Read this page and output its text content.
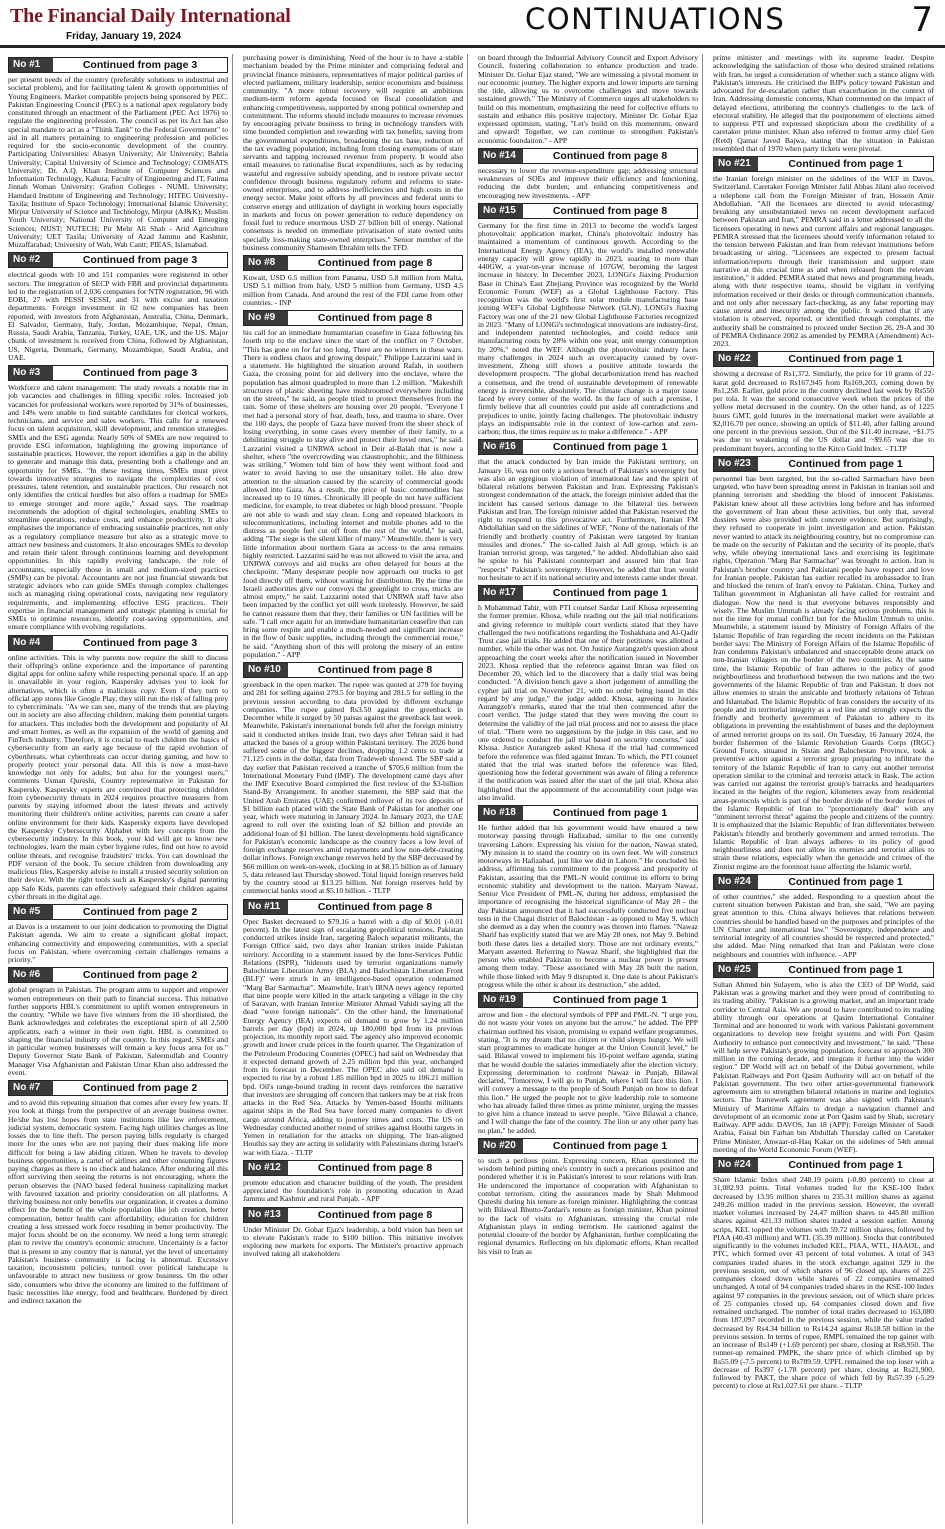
The Financial Daily International
Friday, January 19, 2024
CONTINUATIONS	7
No #1	Continued from page 3
per present needs of the country (preferably solutions to industrial and societal problem), and for facilitating talent & growth opportunities of Young Engineers. Market compatible projects being sponsored by PEC. Pakistan Engineering Council (PEC) is a national apex regulatory body constituted through an enactment of the Parliament (PEC Act 1976) to regulate the engineering profession. The council as per its Act has also special mandate to act as a "Think Tank" to the Federal Government" to aid in all matters pertaining to engineering profession and policies required for the socio-economic development of the country. Participating Universities: Abasyn University; Air University; Bahria University; Capital University of Science and Technology; COMSATS University; Dr. A.Q. Khan Institute of Computer Sciences and Information Technology, Kahuta; Faculty of Engineering and IT, Fatima Jinnah Woman University; Grafton Colleges - NUML University; Hamdard Institute of Engineering and Technology; HITEC University-Taxila; Institute of Space Technology; International Islamic University; Mirpur University of Science and Technology, Mirpur (AJ&K); Muslim Youth University; National University of Computer and Emerging Sciences; NUST; NUTECH; Pir Mehr Ali Shah - Arid Agriculture University; UET Taxila; University of Azad Jammu and Kashmir, Muzaffarabad; University of Wah, Wah Cantt; PIEAS, Islamabad.
No #2	Continued from page 3
electrical goods with 10 and 151 companies were registered in other sectors. The integration of SECP with FBR and provincial departments led to the registration of 2,036 companies for NTN registration, 96 with EOBI, 27 with PESSI SESSI, and 31 with excise and taxation departments. Foreign investment in 62 new companies has been reported, with investors from Afghanistan, Australia, China, Denmark, El Salvador, Germany, Italy, Jordan, Mozambique, Nepal, Oman, Russia, Saudi Arabia, Tanzania, Turkey, UAE, UK, and the US. Major chunk of investment is received from China, followed by Afghanistan, US, Nigeria, Denmark, Germany, Mozambique, Saudi Arabia, and UAE.
No #3	Continued from page 3
Workforce and talent management: The study reveals a notable rise in job vacancies and challenges in filling specific roles. Increased job vacancies for professional workers were reported by 31% of businesses, and 14% were unable to find suitable candidates for clerical workers, technicians, and service and sales workers. This calls for a renewed focus on talent acquisition, skill development, and retention strategies. SMEs and the ESG agenda: Nearly 50% of SMEs are now required to provide ESG information, highlighting the growing importance of sustainable practices. However, the report identifies a gap in the ability to generate and manage this data, presenting both a challenge and an opportunity for SMEs. "In these testing times, SMEs must pivot towards innovative strategies to navigate the complexities of cost pressures, talent retention, and sustainable practices. Our research not only identifies the critical hurdles but also offers a roadmap for SMEs to emerge stronger and more agile," Assad says. The roadmap recommends the adoption of digital technologies, enabling SMEs to streamline operations, reduce costs, and enhance productivity. It also emphasises the importance of embracing sustainable practices, not only as a regulatory compliance measure but also as a strategic move to attract new business and customers. It also encourages SMEs to develop and retain their talent through continuous learning and development opportunities. In this rapidly evolving landscape, the role of accountants, especially those in small and medium-sized practices (SMPs) can be pivotal. Accountants are not just financial stewards but strategic advisors who can guide SMEs through complex challenges such as managing rising operational costs, navigating new regulatory requirements, and implementing effective ESG practices. Their expertise in financial management and strategic planning is crucial for SMEs to optimise resources, identify cost-saving opportunities, and ensure compliance with evolving regulations.
No #4	Continued from page 3
online activities. This is why parents now require the skill to discuss their offspring's online experience and the importance of parenting digital apps for online safety while respecting personal space. If an app is unavailable in your region, Kaspersky advises you to look for alternatives, which is often a malicious copy. Even if they turn to official app stores like Google Play, they still run the risk of falling prey to cybercriminals. "As we can see, many of the trends that are playing out in society are also affecting children, making them potential targets for attackers. This includes both the development and popularity of AI and smart homes, as well as the expansion of the world of gaming and FinTech industry. Therefore, it is crucial to teach children the basics of cybersecurity from an early age because of the rapid evolution of cyberthreats, what cyberthreats can occur during gaming, and how to properly protect your personal data. All this is now a must-have knowledge not only for adults, but also for the youngest users," comments Usman Qureshi, Country representative in Pakistan for Kaspersky. Kaspersky experts are convinced that protecting children from cybersecurity threats in 2024 requires proactive measures from parents by staying informed about the latest threats and actively monitoring their children's online activities, parents can create a safer online environment for their kids. Kaspersky experts have developed the Kaspersky Cybersecurity Alphabet with key concepts from the cybersecurity industry. In this book, your kid will get to know new technologies, learn the main cyber hygiene rules, find out how to avoid online threats, and recognise fraudsters' tricks. You can download the PDF version of the book. To secure children from downloading any malicious files, Kaspersky advise to install a trusted security solution on their device. With the right tools such as Kaspersky's digital parenting app Safe Kids, parents can effectively safeguard their children against cyber threats in the digital age.
No #5	Continued from page 2
at Davos is a testament to our joint dedication to promoting the Digital Pakistan agenda. We aim to create a significant global impact, enhancing connectivity and empowering communities, with a special focus on Pakistan, where overcoming certain challenges remains a priority."
No #6	Continued from page 2
global program in Pakistan. The program aims to support and empower women entrepreneurs on their path to financial success. This initiative further supports HBL's commitment to uplift women entrepreneurs in the country. "While we have five winners from the 10 shortlisted, the Bank acknowledges and celebrates the exceptional spirit of all 2,500 applicants, each a winner in their own right. HBL is committed to shaping the financial industry of the country. In this regard, SMEs and in particular women businesses will remain a key focus area for us." Deputy Governor State Bank of Pakistan, Saleemullah and Country Manager Visa Afghanistan and Pakistan Umar Khan also addressed the event.
No #7	Continued from page 2
and to avoid this repeating situation that comes after every few years. If you look at things from the perspective of an average business owner. He/she has lost hopes from state institutions like law enforcement, judicial system, democratic system. Facing high utilities charges as line losses due to line theft. The person paying bills regularly is charged more for the ones who are not paying their dues making life more difficult for being a law abiding citizen. When he travels to develop business opportunities, a cartel of airlines and other consuming figures paying charges as there is no check and balance. After enduring all this effort surviving then seeing the returns is not encouraging, where the person observes the (NAO based federal business capitalizing market with favoured taxation and priority consideration on all platforms. A thriving business not only benefits our organization, it creates a domino effect for the benefit of the whole population like job creation, better compensation, better health care affordability, education for children creating a less stressed work force resulting in better productivity. The major focus should be on the economy. We need a long term strategic plan to revive the country's economic structure. Uncertainty is a factor that is present in any country that is natural, yet the level of uncertainty Pakistan's business community is facing is abnormal. Excessive taxation, inconsistent policies, turmoil over political landscape is unfavourable to attract new business or grow business. On the other side, consumers who drive the economy are limited to the fulfilment of basic necessities like energy, food and healthcare. Burdened by direct and indirect taxation the
purchasing power is diminishing. Need of the hour is to have a stable mechanism headed by the Prime minister and comprising federal and provincial finance ministers, representatives of major political parties of elected parliament, military leadership, senior economists and business community. "A more robust recovery will require an ambitious medium-term reform agenda focused on fiscal consolidation and enhancing competitiveness, supported by strong political ownership and commitment. The reforms should include measures to increase revenues by encouraging private business to bring in technology transfers with time bounded completion and rewarding with tax benefits, saving from the governmental expenditures, broadening the tax base, reduction of the tax evading population, including from closing exemptions of state servants and tapping increased revenue from property. It would also entail measures to rationalise fiscal expenditures, such as by reducing wasteful and regressive subsidy spending, and to restore private sector confidence through business regulatory reform and reforms to state-owned enterprises, and to address inefficiencies and high costs in the energy sector. Make joint efforts by all provinces and federal units to conserve energy and utilization of daylight in working hours especially in markets and focus on power generation to reduce dependency on fossil fuel to reduce enormous USD 27 billion bill of energy. National consensus is needed on immediate privatisation of state owned units specially loss-making state-owned enterprises." Senior member of the business community Shameem Ebrahim tells the TFD.
No #8	Continued from page 8
Kuwait, USD 6.5 million from Panama, USD 5.8 million from Malta, USD 5.1 million from Italy, USD 5 million from Germany, USD 4.5 million from Canada. And around the rest of the FDI came from other countries. - INP
No #9	Continued from page 8
his call for an immediate humanitarian ceasefire in Gaza following his fourth trip to the enclave since the start of the conflict on 7 October. "This has gone on for far too long. There are no winners in these wars. There is endless chaos and growing despair," Philippe Lazzarini said in a statement. He highlighted the situation around Rafah, in southern Gaza, the crossing point for aid delivery into the enclave, where the population has almost quadrupled to more than 1.2 million. "Makeshift structures of plastic sheeting have mushroomed everywhere including on the streets," he said, as people tried to protect themselves from the rain. Some of these shelters are housing over 20 people. "Everyone I met had a personal story of fear, death, loss, and trauma to share. Over the 100 days, the people of Gaza have moved from the sheer shock of losing everything, in some cases every member of their family, to a debilitating struggle to stay alive and protect their loved ones," he said. Lazzarini visited a UNRWA school in Deir al-Balah that is now a shelter, where "the overcrowding was claustrophobic, and the filthiness was striking." Women told him of how they went without food and water to avoid having to use the unsanitary toilet. He also drew attention to the situation caused by the scarcity of commercial goods allowed into Gaza. As a result, the price of basic commodities has increased up to 10 times. Chronically ill people do not have sufficient medicine, for example, to treat diabetes or high blood pressure. "People are not able to wash and stay clean. Long and repeated blackouts in telecommunications, including internet and mobile phones add to the distress as people feel cut off from the rest of the world," he said, adding "The siege is the silent killer of many." Meanwhile, there is very little information about northern Gaza as access to the area remains highly restricted. Lazzarini said he was not allowed to visit the area, and UNRWA convoys and aid trucks are often delayed for hours at the checkpoint. "Many desperate people now approach our trucks to get food directly off them, without waiting for distribution. By the time the Israeli authorities give our convoys the greenlight to cross, trucks are almost empty," he said. Lazzarini noted that UNRWA staff have also been impacted by the conflict yet still work tirelessly. However, he said he cannot reassure them that they, their families or UN facilities will be safe. "I call once again for an immediate humanitarian ceasefire that can bring some respite and enable a much-needed and significant increase in the flow of basic supplies, including through the commercial route," he said. "Anything short of this will prolong the misery of an entire population." - APP
No #10	Continued from page 8
greenback in the open market. The rupee was quoted at 279 for buying and 281 for selling against 279.5 for buying and 281.5 for selling in the previous session according to data provided by different exchange companies. The rupee gained Rs3.50 against the greenback in December while it surged by 50 paisas against the greenback last week. Meanwhile, Pakistan's international bonds fell after the foreign ministry said it conducted strikes inside Iran, two days after Tehran said it had attacked the bases of a group within Pakistani territory. The 2026 bond suffered some of the biggest declines, dropping 1.2 cents to trade at 71.125 cents in the dollar, data from Tradeweb showed. The SBP said a day earlier that Pakistan received a tranche of $705.6 million from the International Monetary Fund (IMF). The development came days after the IMF Executive Board completed the first review of the $3-billion Stand-By Arrangement. In another statement, the SBP said that the United Arab Emirates (UAE) confirmed rollover of its two deposits of $1 billion each placed with the State Bank of Pakistan for another one year, which were maturing in January 2024. In January 2023, the UAE agreed to roll over the existing loan of $2 billion and provide an additional loan of $1 billion. The latest developments hold significance for Pakistan's economic landscape as the country faces a low level of foreign exchange reserves amid repayments and low non-debt-creating dollar inflows. Foreign exchange reserves held by the SBP decreased by $66 million on week-on-week, clocking in at $8.15 billion as of January 5, data released last Thursday showed. Total liquid foreign reserves held by the country stood at $13.25 billion. Net foreign reserves held by commercial banks stood at $5.10 billion. - TLTP
No #11	Continued from page 8
Opec Basket decreased to $79.16 a barrel with a dip of $0.01 (-0.01 percent). In the latest sign of escalating geopolitical tensions, Pakistan conducted strikes inside Iran, targeting Baloch separatist militants, the Foreign Office said, two days after Iranian strikes inside Pakistan territory. According to a statement issued by the Inter-Services Public Relations (ISPR), "hideouts used by terrorist organizations namely Balochistan Liberation Army (BLA) and Balochistan Liberation Front (BLF)" were struck in an intelligence-based operation codenamed "Marg Bar Sarmachar". Meanwhile, Iran's IRNA news agency reported that nine people were killed in the attack targeting a village in the city of Saravan, with Iranian Interior Minister Ahmad Vahidi saying all the dead "were foreign nationals". On the other hand, the International Energy Agency (IEA) expects oil demand to grow by 1.24 million barrels per day (bpd) in 2024, up 180,000 bpd from its previous projection, its monthly report said. The agency also improved economic growth and lower crude prices in the fourth quarter. The Organization of the Petroleum Producing Countries (OPEC) had said on Wednesday that it expected demand growth of 2.25 million bpd this year, unchanged from its forecast in December. The OPEC also said oil demand is expected to rise by a robust 1.85 million bpd in 2025 to 106.21 million bpd. Oil's range-bound trading in recent days reinforces the narrative that investors are shrugging off concern that tankers may be at risk from attacks in the Red Sea. Attacks by Yemen-based Houthi militants against ships in the Red Sea have forced many companies to divert cargo around Africa, adding to journey times and costs. The US on Wednesday conducted another round of strikes against Houthi targets in Yemen in retaliation for the attacks on shipping. The Iran-aligned Houthis say they are acting in solidarity with Palestinians during Israel's war with Gaza. - TLTP
No #12	Continued from page 8
promote education and character building of the youth. The president appreciated the foundation's role in promoting education in Azad Jammu and Kashmir and rural Punjab. - APP
No #13	Continued from page 8
Under Minister Dr. Gohar Ejaz's leadership, a bold vision has been set to elevate Pakistan's trade to $100 billion. This initiative involves exploring new markets for exports. The Minister's proactive approach involved taking all stakeholders
on board through the Industrial Advisory Council and Export Advisory Council, fostering collaboration to enhance production and trade. Minister Dr. Gohar Ejaz stated, "We are witnessing a pivotal moment in our economic journey. The higher exports and lower imports are turning the tide, allowing us to overcome challenges and move towards sustained growth." The Ministry of Commerce urges all stakeholders to build on this momentum, emphasizing the need for collective efforts to sustain and enhance this positive trajectory. Minister Dr. Gohar Ejaz expressed optimism, stating, "Let's build on this momentum, onward and upward! Together, we can continue to strengthen Pakistan's economic foundation." - APP
No #14	Continued from page 8
necessary to lower the revenue-expenditure gap; addressing structural weaknesses of SOEs and improve their efficiency and functioning, reducing the debt burden; and enhancing competitiveness and encouraging new investments. - APP
No #15	Continued from page 8
Germany for the first time in 2013 to become the world's largest photovoltaic application market, China's photovoltaic industry has maintained a momentum of continuous growth. According to the International Energy Agency (IEA), the world's installed renewable energy capacity will grow rapidly in 2023, soaring to more than 440GW, a year-on-year increase of 107GW, becoming the largest increase in history. In December 2023, LONGi's Jiaxing Production Base in China's East Zhejiang Province was recognized by the World Economic Forum (WEF) as a Global Lighthouse Factory. This recognition was the world's first solar module manufacturing base joining WEF's Global Lighthouse Network (GLN). LONGi's Jiaxing Factory was one of the 21 new Global Lighthouse Factories recognized in 2023. "Many of LONGi's technological innovations are industry-first, and independent patented technologies, and could reduce unit manufacturing costs by 28% within one year, unit energy consumption by 20%," noted the WEF. Although the photovoltaic industry faces many challenges in 2024 such as overcapacity caused by over-investment, Zhong still shows a positive attitude towards the development prospects. "The global decarbonization trend has reached a consensus, and the trend of sustainable development of renewable energy is irreversible, absolutely. The climate change is a major issue faced by every corner of the world. In the face of such a premise, I firmly believe that all countries could put aside all contradictions and prejudices to unite, jointly facing challenges. The photovoltaic industry plays an indispensable role in the context of low-carbon and zero-carbon; thus, the times require us to make a difference." - APP
No #16	Continued from page 1
that the attack conducted by Iran inside the Pakistani territory, on January 16, was not only a serious breach of Pakistan's sovereignty but was also an egregious violation of international law and the spirit of bilateral relations between Pakistan and Iran. Expressing Pakistan's strongest condemnation of the attack, the foreign minister added that the incident has caused serious damage to the bilateral ties between Pakistan and Iran. The foreign minister added that Pakistan reserved the right to respond to this provocative act. Furthermore, Iranian FM Abdollahian said on the sidelines of WEF, "None of the nationals of the friendly and brotherly country of Pakistan were targeted by Iranian missiles and drones." The so-called Jaish al Adl group, which is an Iranian terrorist group, was targeted," he added. Abdollahian also said he spoke to his Pakistani counterpart and assured him that Iran "respects" Pakistan's sovereignty. However, he added that Iran would not hesitate to act if its national security and interests came under threat.
No #17	Continued from page 1
h Muhammad Tahir, with PTI counsel Sardar Latif Khosa representing the former premier. Khosa, while reading out the jail trial notifications and giving reference to multiple court verdicts stated that they have challenged the two notifications regarding the Toshakhana and Al-Qadir Trust case jail trials. He added that one of their petitions was allotted a number, while the other was not. On Justice Aurangzeb's question about approaching the court weeks after the notification issued in November 2023, Khosa replied that the reference against Imran was filed on December 20, which led to the discovery that a daily trial was being conducted. "A division bench gave a short judgement of annulling the cypher jail trial on November 21, with no order being issued in this regard by any judge," the judge added. Khosa, agreeing to Justice Aurangzeb's remarks, stated that the trial then commenced after the court verdict. The judge stated that they were moving the court to determine the validity of the jail trial process and not to assess the place of trial. "There were no suggestions by the judge in this case, and no one ordered to conduct the jail trial based on security concerns," said Khosa. Justice Aurangzeb asked Khosa if the trial had commenced before the reference was filed against Imran. To which, the PTI counsel stated that the trial was started before the reference was filed, questioning how the federal government was aware of filing a reference if the notification was issued after the start of the jail trial. Khosa also highlighted that the appointment of the accountability court judge was also invalid.
No #18	Continued from page 1
He further added that his government would have ensured a new motorway passing through Hafizabad, similar to the one currently traversing Lahore. Expressing his vision for the nation, Nawaz stated, "My mission is to stand the country on its own feet. We will construct motorways in Hafizabad, just like we did in Lahore." He concluded his address, affirming his commitment to the progress and prosperity of Pakistan, assuring that the PML-N would continue its efforts to bring economic stability and development to the nation. Maryam Nawaz, Senior Vice President of PML-N, during her address, emphasised the importance of recognising the historical significance of May 28 - the day Pakistan announced that it had successfully conducted five nuclear tests in the Chagai district of Balochistan - as opposed to May 9, which she deemed as a day when the country was thrown into flames. "Nawaz Sharif has explicitly stated that we are May 28 ones, not May 9. Behind both these dates lies a detailed story. Those are not ordinary events," Maryam asserted. Referring to Nawaz Sharif, she highlighted that the person who enabled Pakistan to become a nuclear power is present among them today. "Those associated with May 28 built the nation, while those linked with May 9 disrupted it. One date is about Pakistan's progress while the other is about its destruction," she added.
No #19	Continued from page 1
arrow and lion - the electoral symbols of PPP and PML-N. "I urge you, do not waste your votes on anyone but the arrow," he added. The PPP chairman outlined his vision, promising to expand welfare programmes, stating, "It is my dream that no citizen or child sleeps hungry. We will start programmes to eradicate hunger at the Union Council level," he said. Bilawal vowed to implement his 10-point welfare agenda, stating that he would double the salaries immediately after the election victory. Expressing determination to confront Nawaz in Punjab, Bilawal declared, "Tomorrow, I will go to Punjab, where I will face this lion. I will convey a message to the people of South Punjab on how to defeat this lion." He urged the people not to give leadership role to someone who has already failed three times as prime minister, urging the masses to give him a chance instead to serve people. "Give Bilawal a chance, and I will change the fate of the country. The lion or any other party has no plan," he added.
No #20	Continued from page 1
to such a perilous point. Expressing concern, Khan questioned the wisdom behind putting one's country in such a precarious position and pondered whether it is in Pakistan's interest to sour relations with Iran. He underscored the importance of cooperation with Afghanistan to combat terrorism, citing the assurances made by Shah Mehmood Qureshi during his tenure as foreign minister. Highlighting the contrast with Bilawal Bhutto-Zardari's tenure as foreign minister, Khan pointed to the lack of visits to Afghanistan, stressing the crucial role Afghanistan plays in ending terrorism. He cautioned against the potential closure of the border by Afghanistan, further complicating the regional dynamics. Reflecting on his diplomatic efforts, Khan recalled his visit to Iran as
prime minister and meetings with its supreme leader. Despite acknowledging the satisfaction of those who desired strained relations with Iran, he urged a consideration of whether such a stance aligns with Pakistan's interests. He criticised the BJP's policy toward Pakistan and advocated for de-escalation rather than exacerbation in the context of Iran. Addressing domestic concerns, Khan commented on the impact of delayed elections, attributing the country's challenges to the lack of electoral stability. He alleged that the postponement of elections aimed to suppress PTI and expressed skepticism about the credibility of a caretaker prime minister. Khan also referred to former army chief Gen (Retd) Qamar Javed Bajwa, stating that the situation in Pakistan resembled that of 1970 when party tickets were pivotal.
No #21	Continued from page 1
the Iranian foreign minister on the sidelines of the WEF in Davos, Switzerland. Caretaker Foreign Minister Jalil Abbas Jilani also received a telephone call from the Foreign Minister of Iran, Hossein Amir Abdollahian. "All the licensees are directed to avoid telecasting/ breaking any unsubstantiated news on recent development surfaced between Pakistan and Iran," PEMRA said in a letter addressed to all the licensees operating in news and current affairs and regional languages. PEMRA stressed that the licensees should verify information related to the tension between Pakistan and Iran from relevant institutions before broadcasting or airing. "Licensees are expected to present factual information/reports through their transmission and support state narrative at this crucial time as and when released from the relevant institution," it added. PEMRA stated that news and programming heads, along with their respective teams, should be vigilant in verifying information received or their desks or through communication channels, and not only after necessary fact-checking, as any false reporting may cause unrest and insecurity among the public. It warned that if any violation is observed, reported, or identified through complaints, the authority shall be constrained to proceed under Section 26, 29-A and 30 of PEMRA Ordinance 2002 as amended by PEMRA (Amendment) Act-2023.
No #22	Continued from page 1
showing a decrease of Rs1,372. Similarly, the price for 10 grams of 22-karat gold decreased to Rs167,945 from Rs169,203, coming down by Rs1,258. Earlier, gold price in the country declined last week by Rs550 per tola. It was the second consecutive week when the prices of the yellow metal decreased in the country. On the other hand, as of 1225 hours GMT, gold futures in the international market were available at $2,016.70 per ounce, showing an uptick of $11.40, after falling around one percent in the previous session. Out of the $11.40 increase, ~$1.75 was due to weakening of the US dollar and ~$9.65 was due to predominant buyers, according to the Kitco Gold Index. - TLTP
No #23	Continued from page 1
personnel has been targeted, but the so-called Sarmachars have been targeted, who have been spreading unrest in Pakistan in Iranian soil and planning terrorism and shedding the blood of innocent Pakistanis. Pakistan knew about all these activities long before and has informed the government of Iran about these activities, but only that, several dossiers were also provided with concrete evidence. But surprisingly, they refused to cooperate in joint investigation and action. Pakistan never wanted to attack its neighbouring country, but no compromise can be made on the security of Pakistan and the security of its people, that's why, while obeying international laws and exercising its legitimate rights, Operation "Marg Bar Sarmachar" was brought to action. Iran is Pakistan's brother country and Pakistani people have respect and love for Iranian people. Pakistan has earlier recalled its ambassador to Iran and blocked the return of Iran's envoy to Pakistan. China, Turkey and Taliban government in Afghanistan all have called for restraint and dialogue. Now the need is that everyone behaves responsibly and wisely. The Muslim Ummah is already facing serious problems, this is not the time for mutual conflict but for the Muslim Ummah to unite. Meanwhile, a statement issued by Ministry of Foreign Affairs of the Islamic Republic of Iran regarding the recent incidents on the Pakistan border says: The Ministry of Foreign Affairs of the Islamic Republic of Iran condemns Pakistan's unbalanced and unacceptable drone attack on non-Iranian villagers on the border of the two countries. At the same time, the Islamic Republic of Iran adheres to the policy of good neighbourliness and brotherhood between the two nations and the two governments of the Islamic Republic of Iran and Pakistan. It does not allow enemies to strain the amicable and brotherly relations of Tehran and Islamabad. The Islamic Republic of Iran considers the security of its people and its territorial integrity as a red line and strongly expects the friendly and brotherly government of Pakistan to adhere to its obligations in preventing the establishment of bases and the deployment of armed terrorist groups on its soil. On Tuesday, 16 January 2024, the border fishermen of the Islamic Revolution Guards Corps (IRGC) Ground Force, situated in Sistan and Baluchestan Province, took a preventive action against a terrorist group preparing to infiltrate the territory of the Islamic Republic of Iran to carry out another terrorist operation similar to the criminal and terrorist attack in Rask. The action was carried out against the terrorist group's barracks and headquarters located in the heights of the region, kilometers away from residential areas-protocols which is part of the border divide of the border forces of the Islamic Republic of Iran to "proportionately deal" with any "imminent terrorist threat" against the people and citizens of the country. It is emphasized that the Islamic Republic of Iran differentiates between Pakistan's friendly and brotherly government and armed terrorists. The Islamic Republic of Iran always adheres to its policy of good neighbourliness and does not allow its enemies and terrorist allies to strain these relations, especially when the genocide and crimes of the Zionist regime are the foremost issue affecting the Islamic world.
No #24	Continued from page 1
of other countries," she added. Responding to a question about the current situation between Pakistan and Iran, she said, "We are paying great attention to this. China always believes that relations between countries should be handled based on the purposes and principles of the UN Charter and international law." "Sovereignty, independence and territorial integrity of all countries should be respected and protected," she added. Mao Ning remarked that Iran and Pakistan were close neighbours and countries with influence. - APP
No #25	Continued from page 1
Sultan Ahmed bin Sulayem, who is also the CEO of DP World, said Pakistan was a growing market and they were proud of contributing to its trading ability. "Pakistan is a growing market, and an important trade corridor to Central Asia. We are proud to have contributed to its trading ability through our operations at Qasim International Container Terminal and are honoured to work with various Pakistani government organizations to develop new freight systems and with Port Qasim Authority to enhance port connectivity and investment," he said. "These will help serve Pakistan's growing population, forecast to approach 300 million in the coming decade, and integrate it further into the wider region." DP World will act on behalf of the Dubai government, while Pakistan Railways and Port Qasim Authority will act on behalf of the Pakistan government. The two other artier-governmental framework agreements aim to strengthen bilateral relations in marine and logistics sectors. The framework agreement was also signed with Pakistan's Ministry of Maritime Affairs to dredge a navigation channel and development of an economic zone at Port Qasim said by Shah, secretary Railway. APP adds: DAVOS, Jan 18 (APP): Foreign Minister of Saudi Arabia, Faisal bin Farhan bin Abdullah Thursday called on Caretaker Prime Minister, Anwaar-ul-Haq Kakar on the sidelines of 54th annual meeting of the World Economic Forum (WEF).
No #24	Continued from page 1
Share Islamic Index shed 248.19 points (-0.80 percent) to close at 31,082.93 points. Total volumes traded for the KSE-100 Index decreased by 13.95 million shares to 235.31 million shares as against 249.26 million traded in the previous session. However, the overall market volumes increased by 24.47 million shares to 445.80 million shares against 421.33 million shares traded a session earlier. Among scrips, KEL topped the volumes with 59.72 million shares, followed by PIAA (40.43 million) and WTL (35.39 million). Stocks that contributed significantly to the volumes included KEL, PIAA, WTL, HAAOL, and PTC, which formed over 43 percent of total volumes. A total of 343 companies traded shares in the stock exchange against 329 in the previous session, out of which shares of 96 closed up, shares of 225 companies closed down while shares of 22 companies remained unchanged. A total of 94 companies traded shares in the KSE-100 Index against 97 companies in the previous session, out of which share prices of 25 companies closed up, 64 companies closed down and five remained unchanged. The number of total trades decreased to 163,080 from 187,097 recorded in the previous session, while the value traded decreased by Rs4.34 billion to Rs14.24 against Rs18.58 billion in the previous session. In terms of rupee, RMPL remained the top gainer with an increase of Rs149 (+1.69 percent) per share, closing at Rs8,950. The runner-up remained PMPK, the share price of which climbed up by Rs55.09 (-7.5 percent) to Rs789.59. UPFL remained the top loser with a decrease of Rs397 (-1.78 percent) per share, closing at Rs21,900, followed by PAKT, the share price of which fell by Rs57.39 (-5.29 percent) to close at Rs1,027.61 per share. - TLTP
